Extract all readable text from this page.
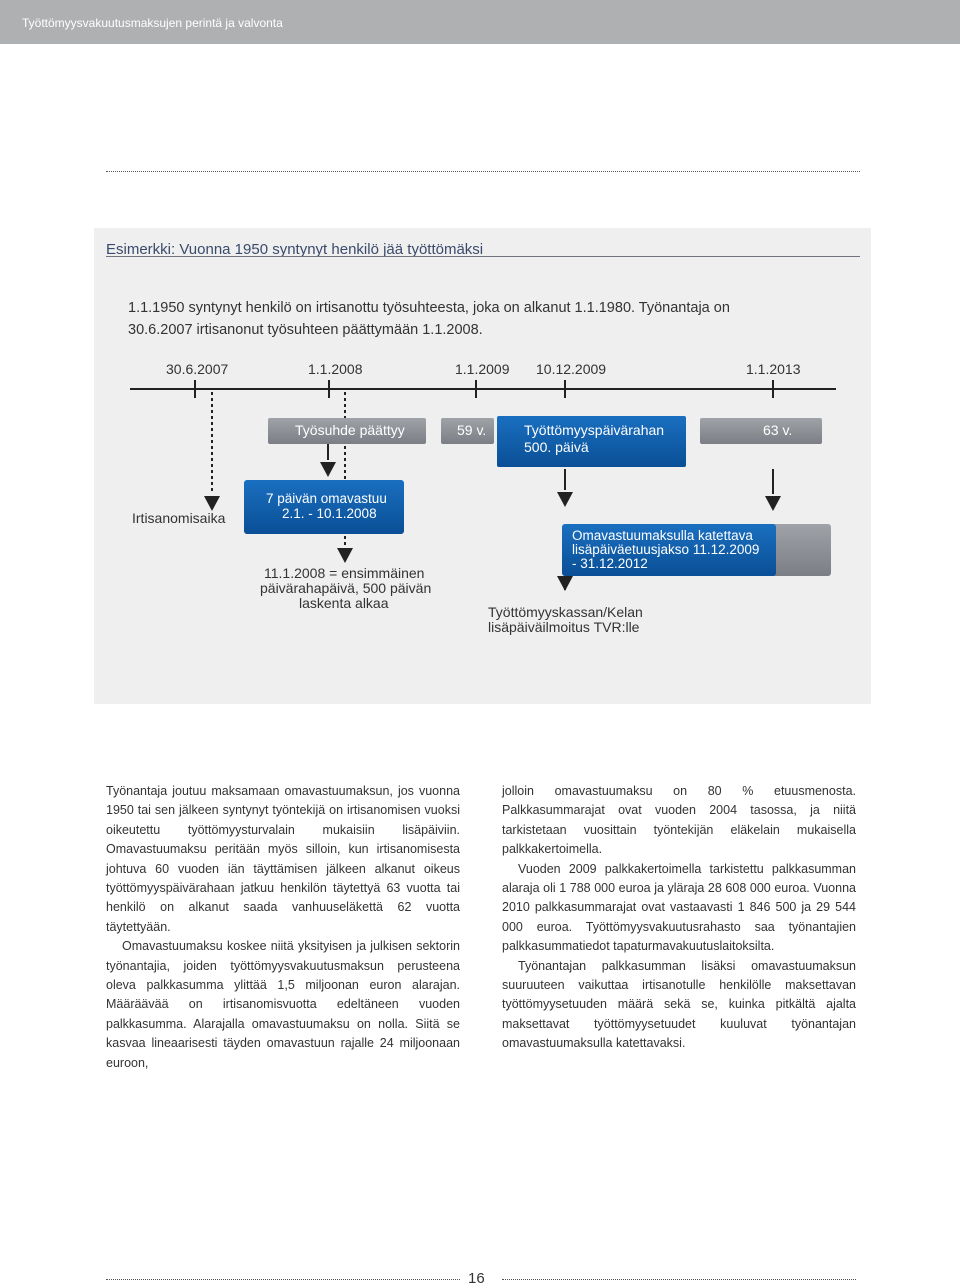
Työttömyysvakuutusmaksujen perintä ja valvonta
Esimerkki: Vuonna 1950 syntynyt henkilö jää työttömäksi
1.1.1950 syntynyt henkilö on irtisanottu työsuhteesta, joka on alkanut 1.1.1980. Työnantaja on
30.6.2007 irtisanonut työsuhteen päättymään 1.1.2008.
30.6.2007	1.1.2008	1.1.2009 10.12.2009	1.1.2013
Työsuhde päättyy	59 v.	Työttömyyspäivärahan
500. päivä
63 v.
Irtisanomisaika
7 päivän omavastuu
2.1. - 10.1.2008
11.1.2008 = ensimmäinen
päivärahapäivä, 500 päivän
laskenta alkaa
Omavastuumaksulla katettava
lisäpäiväetuusjakso 11.12.2009
- 31.12.2012
Työttömyyskassan/Kelan
lisäpäiväilmoitus TVR:lle

Työnantaja joutuu maksamaan omavastuumaksun, jos vuonna 1950 tai sen jälkeen syntynyt työntekijä on irtisanomisen vuoksi oikeutettu työttömyysturvalain mukaisiin lisäpäiviin. Omavastuumaksu peritään myös silloin, kun irtisanomisesta johtuva 60 vuoden iän täyttämisen jälkeen alkanut oikeus työttömyyspäivärahaan jatkuu henkilön täytettyä 63 vuotta tai henkilö on alkanut saada vanhuuseläkettä 62 vuotta täytettyään.

Omavastuumaksu koskee niitä yksityisen ja julkisen sektorin työnantajia, joiden työttömyysvakuutusmaksun perusteena oleva palkkasumma ylittää 1,5 miljoonan euron alarajan. Määräävää on irtisanomisvuotta edeltäneen vuoden palkkasumma. Alarajalla omavastuumaksu on nolla. Siitä se kasvaa lineaarisesti täyden omavastuun rajalle 24 miljoonaan euroon,

jolloin omavastuumaksu on 80 % etuusmenosta. Palkkasummarajat ovat vuoden 2004 tasossa, ja niitä tarkistetaan vuosittain työntekijän eläkelain mukaisella palkkakertoimella.

Vuoden 2009 palkkakertoimella tarkistettu palkkasumman alaraja oli 1 788 000 euroa ja yläraja 28 608 000 euroa. Vuonna 2010 palkkasummarajat ovat vastaavasti 1 846 500 ja 29 544 000 euroa. Työttömyysvakuutusrahasto saa työnantajien palkkasummatiedot tapaturmavakuutuslaitoksilta.

Työnantajan palkkasumman lisäksi omavastuumaksun suuruuteen vaikuttaa irtisanotulle henkilölle maksettavan työttömyysetuuden määrä sekä se, kuinka pitkältä ajalta maksettavat työttömyysetuudet kuuluvat työnantajan omavastuumaksulla katettavaksi.

16
